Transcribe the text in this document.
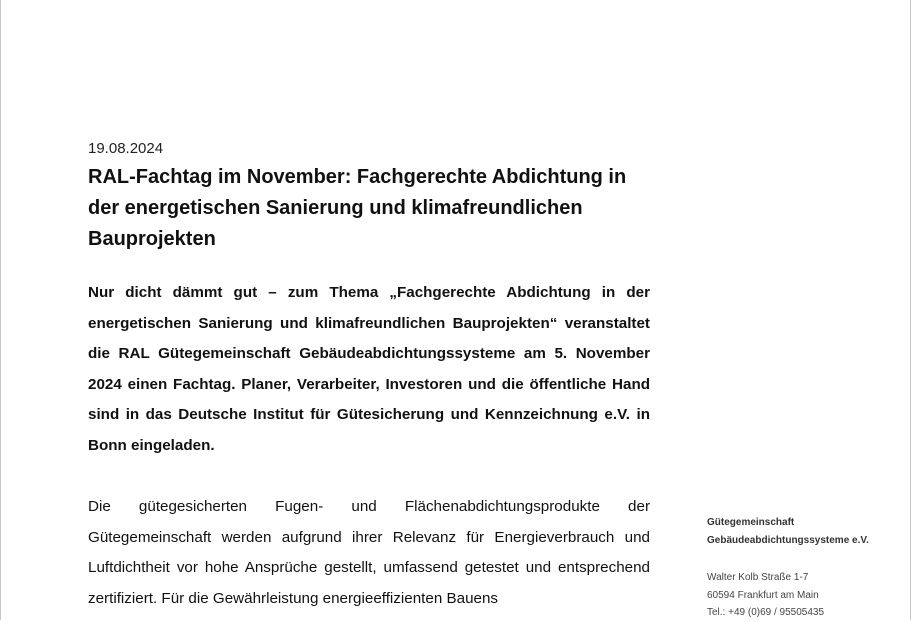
19.08.2024
RAL-Fachtag im November: Fachgerechte Abdichtung in der energetischen Sanierung und klimafreundlichen Bauprojekten

Nur dicht dämmt gut – zum Thema „Fachgerechte Abdichtung in der energetischen Sanierung und klimafreundlichen Bauprojekten“ veranstaltet die RAL Gütegemeinschaft Gebäudeabdichtungssysteme am 5. November 2024 einen Fachtag. Planer, Verarbeiter, Investoren und die öffentliche Hand sind in das Deutsche Institut für Gütesicherung und Kennzeichnung e.V. in Bonn eingeladen.

Die gütegesicherten Fugen- und Flächenabdichtungsprodukte der Gütegemeinschaft werden aufgrund ihrer Relevanz für Energieverbrauch und Luftdichtheit vor hohe Ansprüche gestellt, umfassend getestet und entsprechend zertifiziert. Für die Gewährleistung energieeffizienten Bauens

Gütegemeinschaft
Gebäudeabdichtungssysteme e.V.
Walter Kolb Straße 1-7
60594 Frankfurt am Main
Tel.: +49 (0)69 / 95505435
